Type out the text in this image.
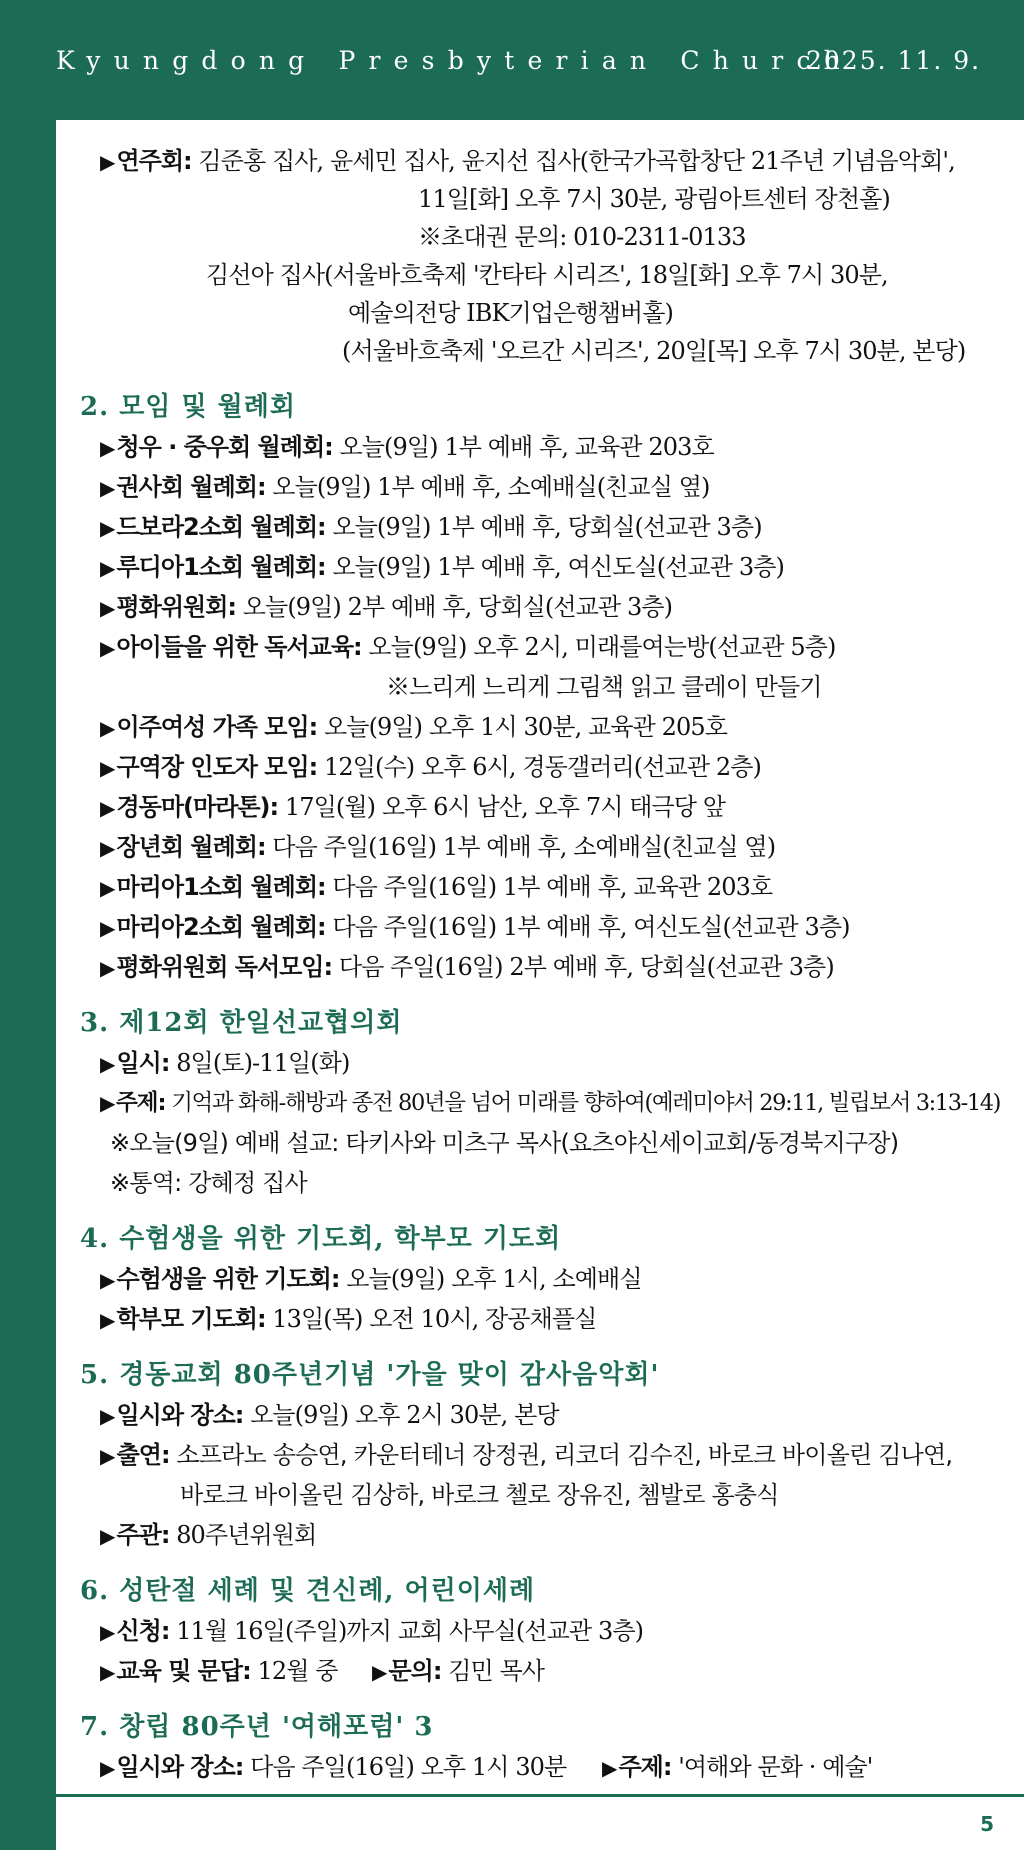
Kyungdong Presbyterian Church
2025. 11. 9.
▶연주회: 김준홍 집사, 윤세민 집사, 윤지선 집사(한국가곡합창단 21주년 기념음악회',
11일[화] 오후 7시 30분, 광림아트센터 장천홀)
※초대권 문의: 010-2311-0133
김선아 집사(서울바흐축제 '칸타타 시리즈', 18일[화] 오후 7시 30분,
예술의전당 IBK기업은행챔버홀)
(서울바흐축제 '오르간 시리즈', 20일[목] 오후 7시 30분, 본당)
2. 모임 및 월례회
▶청우 · 중우회 월례회: 오늘(9일) 1부 예배 후, 교육관 203호
▶권사회 월례회: 오늘(9일) 1부 예배 후, 소예배실(친교실 옆)
▶드보라2소회 월례회: 오늘(9일) 1부 예배 후, 당회실(선교관 3층)
▶루디아1소회 월례회: 오늘(9일) 1부 예배 후, 여신도실(선교관 3층)
▶평화위원회: 오늘(9일) 2부 예배 후, 당회실(선교관 3층)
▶아이들을 위한 독서교육: 오늘(9일) 오후 2시, 미래를여는방(선교관 5층)
※느리게 느리게 그림책 읽고 클레이 만들기
▶이주여성 가족 모임: 오늘(9일) 오후 1시 30분, 교육관 205호
▶구역장 인도자 모임: 12일(수) 오후 6시, 경동갤러리(선교관 2층)
▶경동마(마라톤): 17일(월) 오후 6시 남산, 오후 7시 태극당 앞
▶장년회 월례회: 다음 주일(16일) 1부 예배 후, 소예배실(친교실 옆)
▶마리아1소회 월례회: 다음 주일(16일) 1부 예배 후, 교육관 203호
▶마리아2소회 월례회: 다음 주일(16일) 1부 예배 후, 여신도실(선교관 3층)
▶평화위원회 독서모임: 다음 주일(16일) 2부 예배 후, 당회실(선교관 3층)
3. 제12회 한일선교협의회
▶일시: 8일(토)-11일(화)
▶주제: 기억과 화해-해방과 종전 80년을 넘어 미래를 향하여(예레미야서 29:11, 빌립보서 3:13-14)
※오늘(9일) 예배 설교: 타키사와 미츠구 목사(요츠야신세이교회/동경북지구장)
※통역: 강혜정 집사
4. 수험생을 위한 기도회, 학부모 기도회
▶수험생을 위한 기도회: 오늘(9일) 오후 1시, 소예배실
▶학부모 기도회: 13일(목) 오전 10시, 장공채플실
5. 경동교회 80주년기념 '가을 맞이 감사음악회'
▶일시와 장소: 오늘(9일) 오후 2시 30분, 본당
▶출연: 소프라노 송승연, 카운터테너 장정권, 리코더 김수진, 바로크 바이올린 김나연,
바로크 바이올린 김상하, 바로크 첼로 장유진, 쳄발로 홍충식
▶주관: 80주년위원회
6. 성탄절 세례 및 견신례, 어린이세례
▶신청: 11월 16일(주일)까지 교회 사무실(선교관 3층)
▶교육 및 문답: 12월 중 ▶문의: 김민 목사
7. 창립 80주년 '여해포럼' 3
▶일시와 장소: 다음 주일(16일) 오후 1시 30분 ▶주제: '여해와 문화 · 예술'
5
